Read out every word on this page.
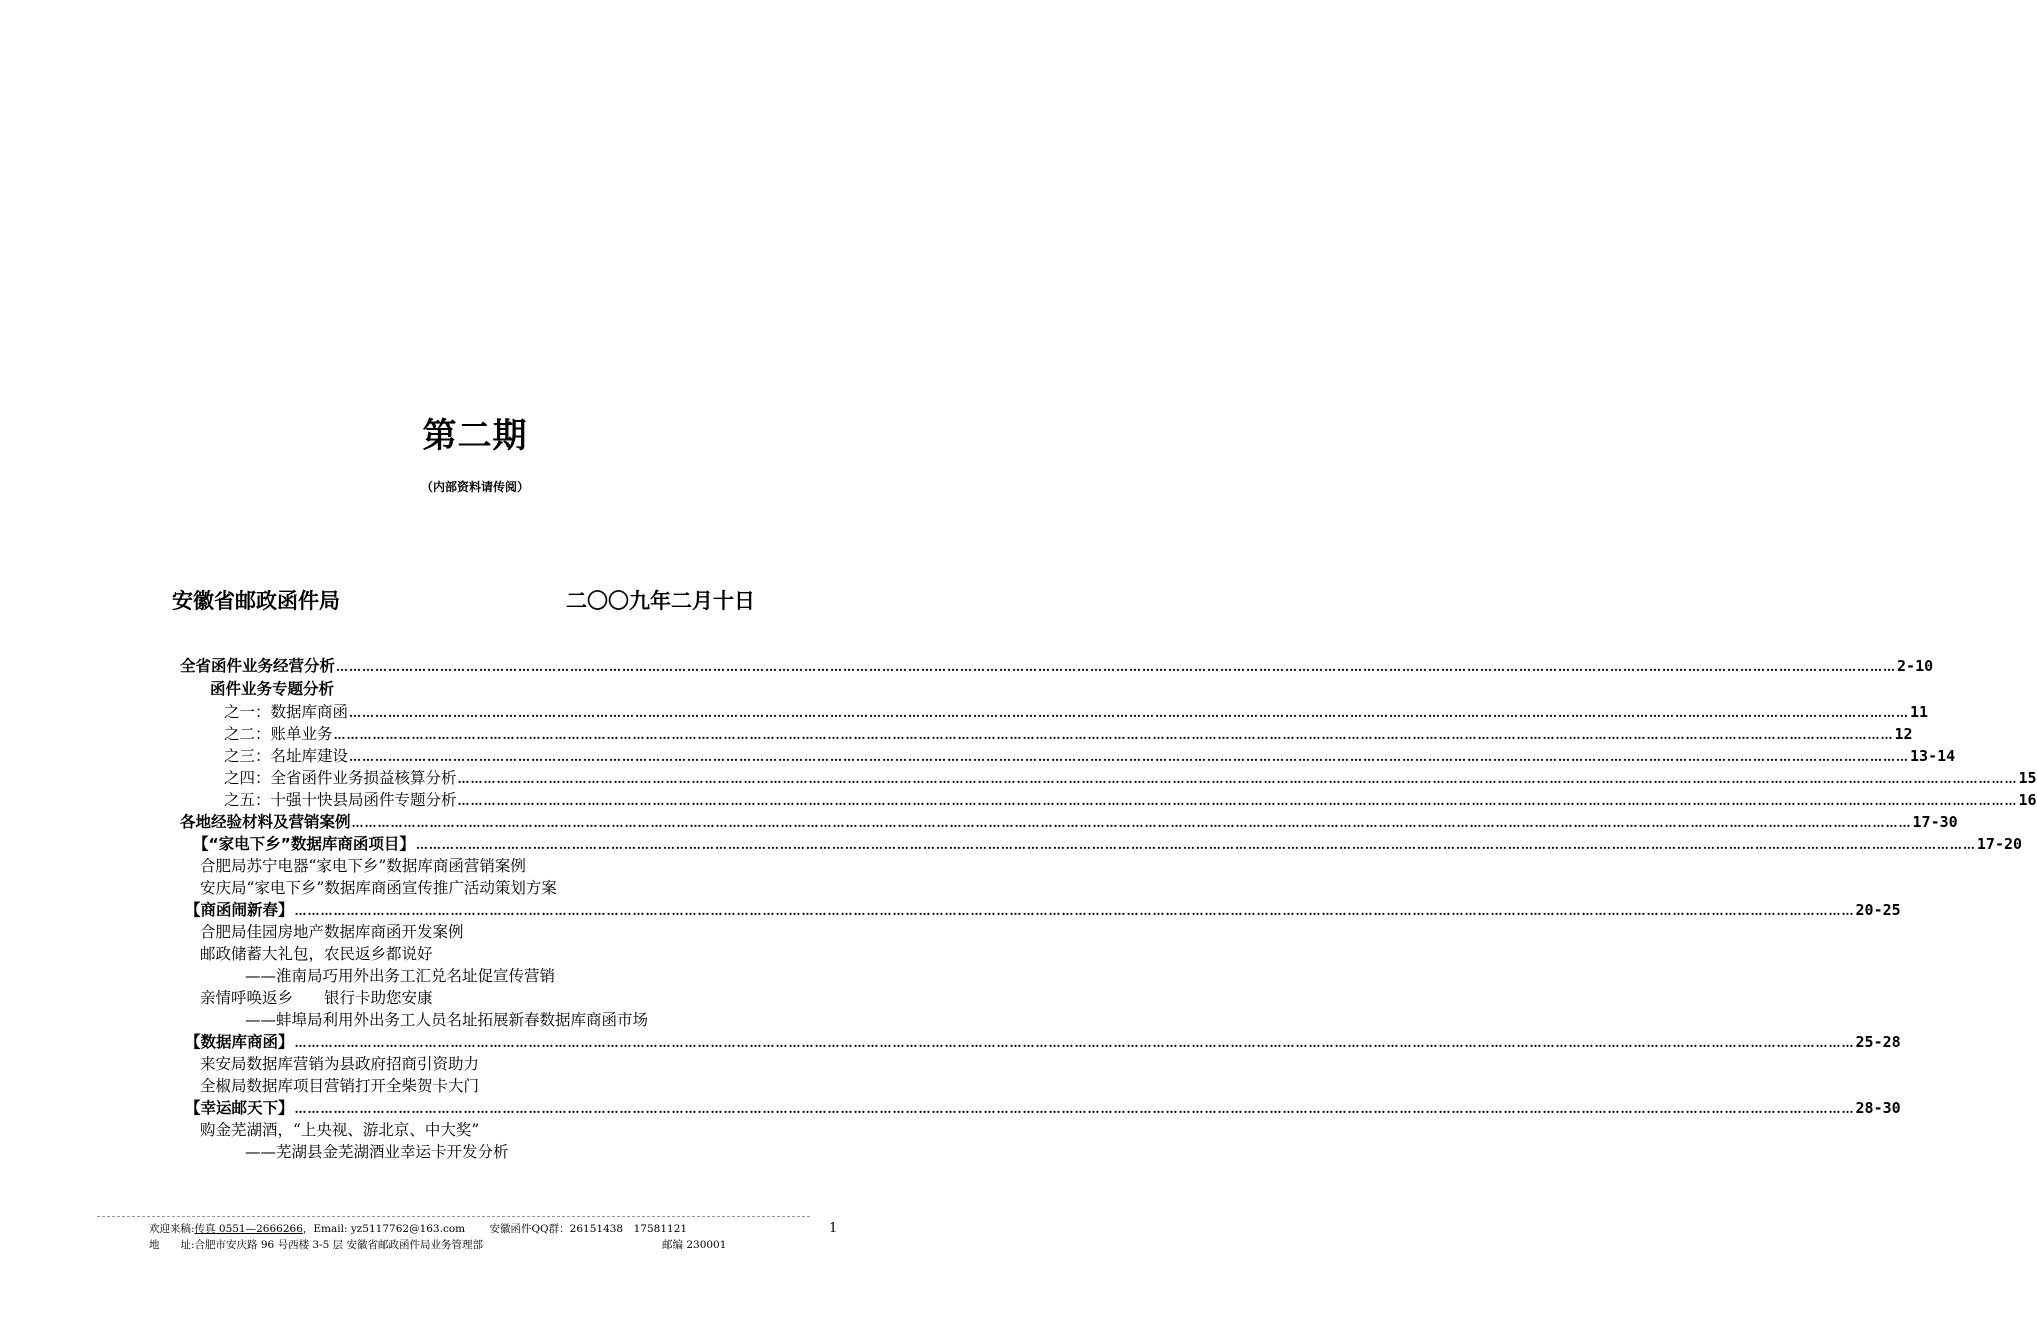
第二期
（内部资料请传阅）
安徽省邮政函件局	二〇〇九年二月十日
全省函件业务经营分析 ……………………………………………………………………………………………………………………………………………………………………………………………………………………………………………………………………………………………………………………………… 2-10
函件业务专题分析
之一：数据库商函 ……………………………………………………………………………………………………………………………………………………………………………………………………………………………………………………………………………………………………………………………… 11
之二：账单业务 ……………………………………………………………………………………………………………………………………………………………………………………………………………………………………………………………………………………………………………………………… 12
之三：名址库建设 ……………………………………………………………………………………………………………………………………………………………………………………………………………………………………………………………………………………………………………………………… 13-14
之四：全省函件业务损益核算分析 ……………………………………………………………………………………………………………………………………………………………………………………………………………………………………………………………………………………………………………………………… 15
之五：十强十快县局函件专题分析 ……………………………………………………………………………………………………………………………………………………………………………………………………………………………………………………………………………………………………………………………… 16
各地经验材料及营销案例 ……………………………………………………………………………………………………………………………………………………………………………………………………………………………………………………………………………………………………………………………… 17-30
【“家电下乡”数据库商函项目】 ……………………………………………………………………………………………………………………………………………………………………………………………………………………………………………………………………………………………………………………………… 17-20
合肥局苏宁电器“家电下乡”数据库商函营销案例
安庆局“家电下乡”数据库商函宣传推广活动策划方案
【商函闹新春】 ……………………………………………………………………………………………………………………………………………………………………………………………………………………………………………………………………………………………………………………………… 20-25
合肥局佳园房地产数据库商函开发案例
邮政储蓄大礼包，农民返乡都说好
——淮南局巧用外出务工汇兑名址促宣传营销
亲情呼唤返乡　　银行卡助您安康
——蚌埠局利用外出务工人员名址拓展新春数据库商函市场
【数据库商函】 ……………………………………………………………………………………………………………………………………………………………………………………………………………………………………………………………………………………………………………………………… 25-28
来安局数据库营销为县政府招商引资助力
全椒局数据库项目营销打开全柴贺卡大门
【幸运邮天下】 ……………………………………………………………………………………………………………………………………………………………………………………………………………………………………………………………………………………………………………………………… 28-30
购金芜湖酒，“上央视、游北京、中大奖”
——芜湖县金芜湖酒业幸运卡开发分析
欢迎来稿:传真 0551—2666266，Email: yz5117762@163.com　　 安徽函件QQ群：26151438　17581121
地　　址:合肥市安庆路 96 号西楼 3-5 层 安徽省邮政函件局业务管理部	邮编 230001
1
